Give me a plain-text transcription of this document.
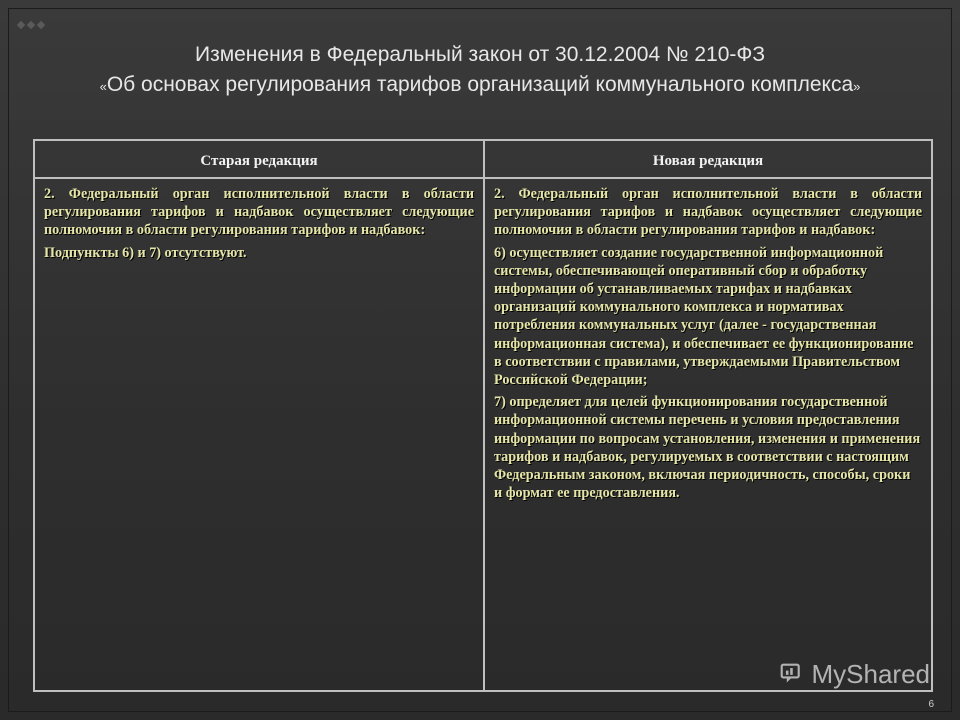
Изменения в Федеральный закон от 30.12.2004 № 210-ФЗ
«Об основах регулирования тарифов организаций коммунального комплекса»
Старая редакция	Новая редакция

2. Федеральный орган исполнительной власти в области регулирования тарифов и надбавок осуществляет следующие полномочия в области регулирования тарифов и надбавок:

Подпункты 6) и 7) отсутствуют.

2. Федеральный орган исполнительной власти в области регулирования тарифов и надбавок осуществляет следующие полномочия в области регулирования тарифов и надбавок:

6) осуществляет создание государственной информационной системы, обеспечивающей оперативный сбор и обработку информации об устанавливаемых тарифах и надбавках организаций коммунального комплекса и нормативах потребления коммунальных услуг (далее - государственная информационная система), и обеспечивает ее функционирование в соответствии с правилами, утверждаемыми Правительством Российской Федерации;

7) определяет для целей функционирования государственной информационной системы перечень и условия предоставления информации по вопросам установления, изменения и применения тарифов и надбавок, регулируемых в соответствии с настоящим Федеральным законом, включая периодичность, способы, сроки и формат ее предоставления.

MyShared
6
